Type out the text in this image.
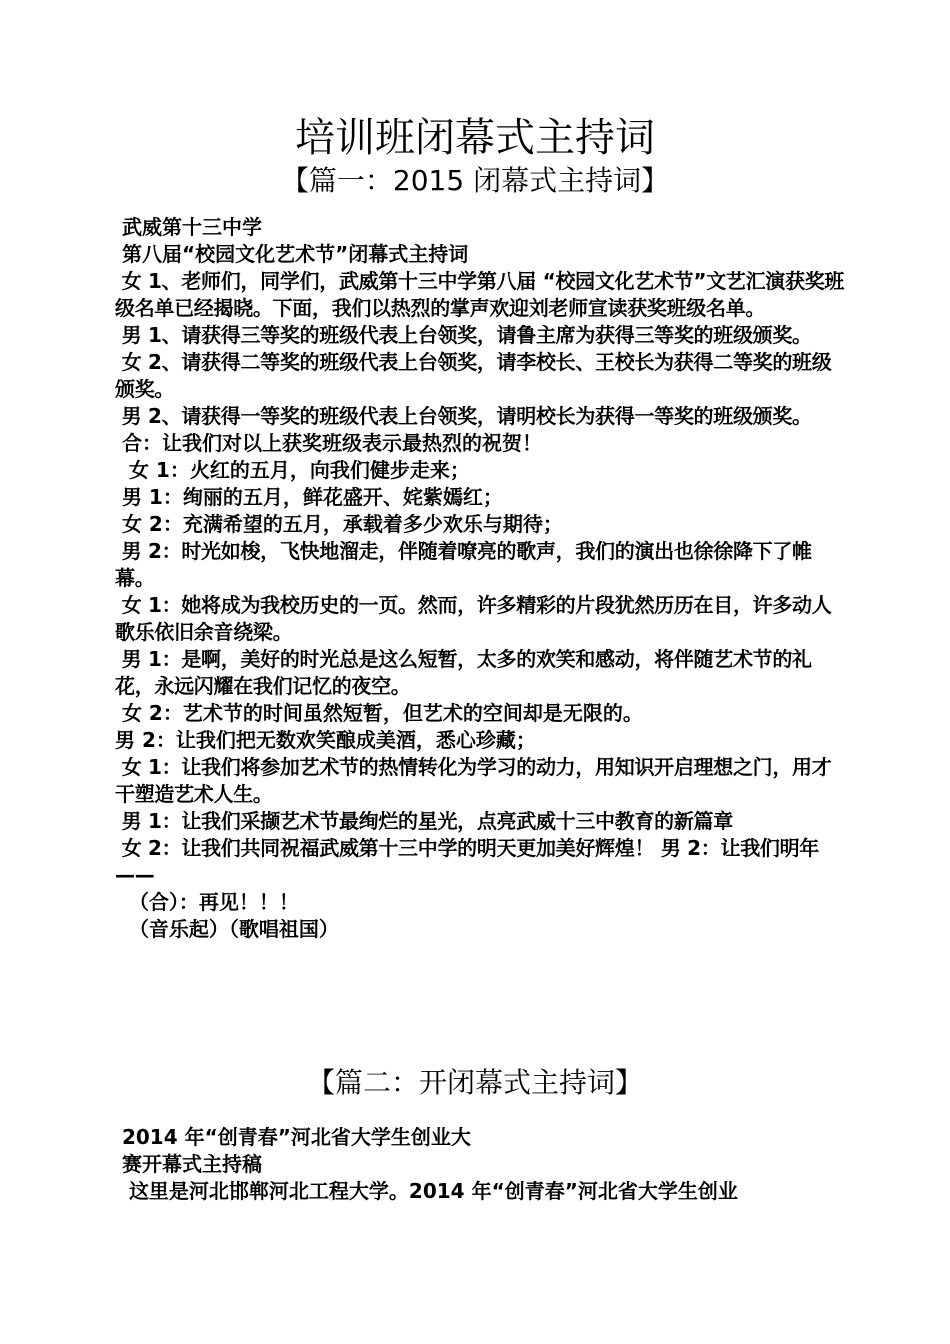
培训班闭幕式主持词
【篇一：2015 闭幕式主持词】

武威第十三中学

第八届“校园文化艺术节”闭幕式主持词

女 1、老师们，同学们，武威第十三中学第八届 “校园文化艺术节”文艺汇演获奖班级名单已经揭晓。下面，我们以热烈的掌声欢迎刘老师宣读获奖班级名单。

男 1、请获得三等奖的班级代表上台领奖，请鲁主席为获得三等奖的班级颁奖。

女 2、请获得二等奖的班级代表上台领奖，请李校长、王校长为获得二等奖的班级颁奖。

男 2、请获得一等奖的班级代表上台领奖，请明校长为获得一等奖的班级颁奖。

合：让我们对以上获奖班级表示最热烈的祝贺！

女 1：火红的五月，向我们健步走来；

男 1：绚丽的五月，鲜花盛开、姹紫嫣红；

女 2：充满希望的五月，承载着多少欢乐与期待；

男 2：时光如梭，飞快地溜走，伴随着嘹亮的歌声，我们的演出也徐徐降下了帷幕。

女 1：她将成为我校历史的一页。然而，许多精彩的片段犹然历历在目，许多动人歌乐依旧余音绕梁。

男 1：是啊，美好的时光总是这么短暂，太多的欢笑和感动，将伴随艺术节的礼花，永远闪耀在我们记忆的夜空。

女 2：艺术节的时间虽然短暂，但艺术的空间却是无限的。

男 2：让我们把无数欢笑酿成美酒，悉心珍藏；

女 1：让我们将参加艺术节的热情转化为学习的动力，用知识开启理想之门，用才干塑造艺术人生。

男 1：让我们采撷艺术节最绚烂的星光，点亮武威十三中教育的新篇章

女 2：让我们共同祝福武威第十三中学的明天更加美好辉煌！ 男 2：让我们明年——

（合）：再见！！！

（音乐起）（歌唱祖国）

【篇二：开闭幕式主持词】

2014 年“创青春”河北省大学生创业大

赛开幕式主持稿

这里是河北邯郸河北工程大学。2014 年“创青春”河北省大学生创业
